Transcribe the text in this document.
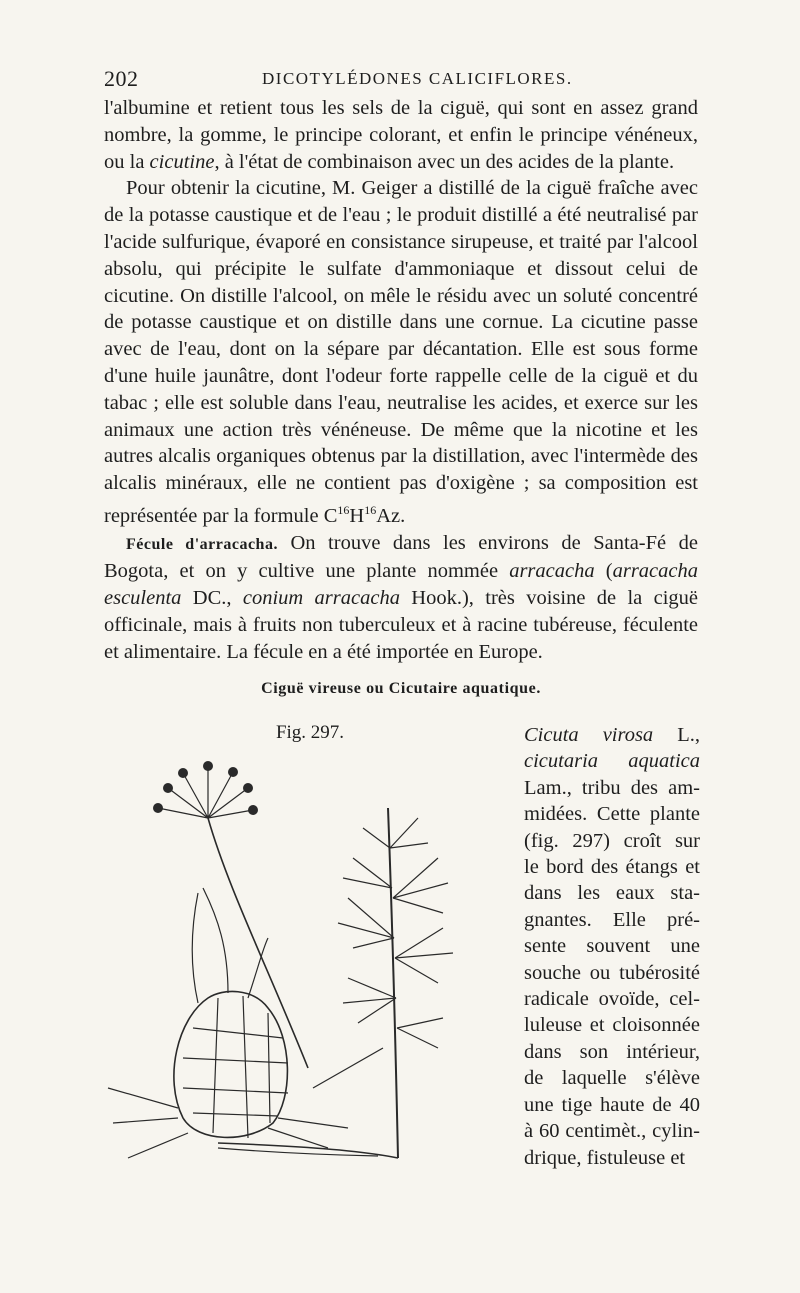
202	DICOTYLÉDONES CALICIFLORES.

l'albumine et retient tous les sels de la ciguë, qui sont en assez grand nombre, la gomme, le principe colorant, et enfin le principe vénéneux, ou la cicutine, à l'état de combinaison avec un des acides de la plante.

Pour obtenir la cicutine, M. Geiger a distillé de la ciguë fraîche avec de la potasse caustique et de l'eau ; le produit distillé a été neutralisé par l'acide sulfurique, évaporé en consistance sirupeuse, et traité par l'alcool absolu, qui précipite le sulfate d'ammoniaque et dissout celui de cicutine. On distille l'alcool, on mêle le résidu avec un soluté concentré de potasse caustique et on distille dans une cornue. La cicutine passe avec de l'eau, dont on la sépare par décantation. Elle est sous forme d'une huile jaunâtre, dont l'odeur forte rappelle celle de la ciguë et du tabac ; elle est soluble dans l'eau, neutralise les acides, et exerce sur les animaux une action très vénéneuse. De même que la nicotine et les autres alcalis organiques obtenus par la distillation, avec l'intermède des alcalis minéraux, elle ne contient pas d'oxigène ; sa composition est représentée par la formule $C^{16}H^{16}Az$.

Fécule d'arracacha. On trouve dans les environs de Santa-Fé de Bogota, et on y cultive une plante nommée arracacha (arracacha esculenta DC., conium arracacha Hook.), très voisine de la ciguë officinale, mais à fruits non tuberculeux et à racine tubéreuse, féculente et alimentaire. La fécule en a été importée en Europe.

Ciguë vireuse ou Cicutaire aquatique.
Fig. 297.	Cicuta virosa L.,
cicutaria aquatica
Lam., tribu des am-
midées. Cette plante
(fig. 297) croît sur
le bord des étangs et
dans les eaux sta-
gnantes. Elle pré-
sente souvent une
souche ou tubérosité
radicale ovoïde, cel-
luleuse et cloisonnée
dans son intérieur,
de laquelle s'élève
une tige haute de 40
à 60 centimèt., cylin-
drique, fistuleuse et
